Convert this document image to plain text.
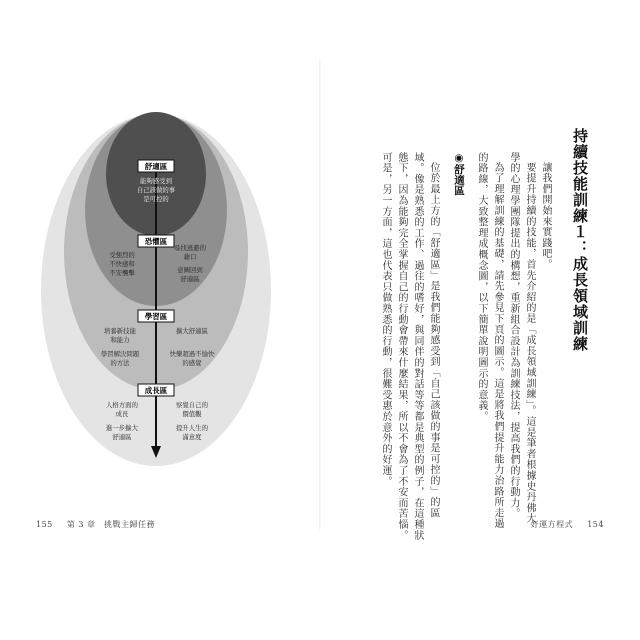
舒適區
恐懼區
學習區
成長區
能夠感受到
自己該做的事
是可控的
受強烈的
不快感和
不安襲擊
尋找逃避的
藉口
意圖回到
舒適區
培養新技能
和能力
學習解決問題
的方法
擴大舒適區
快樂超過不愉快
的感覺
人格方面的
成長
進一步擴大
舒適區
察覺自己的
價值觀
提升人生的
滿意度
155 第 3 章　挑戰主歸任務
持續技能訓練１：成長領域訓練
讓我們開始來實踐吧。
要提升持續的技能，首先介紹的是「成長領域訓練」。這是筆者根據史丹佛大
學的心理學團隊提出的構想，重新組合設計為訓練技法，提高我們的行動力。
為了理解訓練的基礎，請先參見下頁的圖示。這是將我們提升能力治路所走過
的路線，大致整理成概念圖，以下簡單說明圖示的意義。
◉舒適區
位於最上方的「舒適區」是我們能夠感受到「自己該做的事是可控的」的區
域。像是熟悉的工作、過往的嗜好，與同伴的對話等等都是典型的例子，在這種狀
態下，因為能夠完全掌握自己的行動會帶來什麼結果，所以不會為了不安而苦惱。
可是，另一方面，這也代表只做熟悉的行動，很難受惠於意外的好運。
好運方程式 154
